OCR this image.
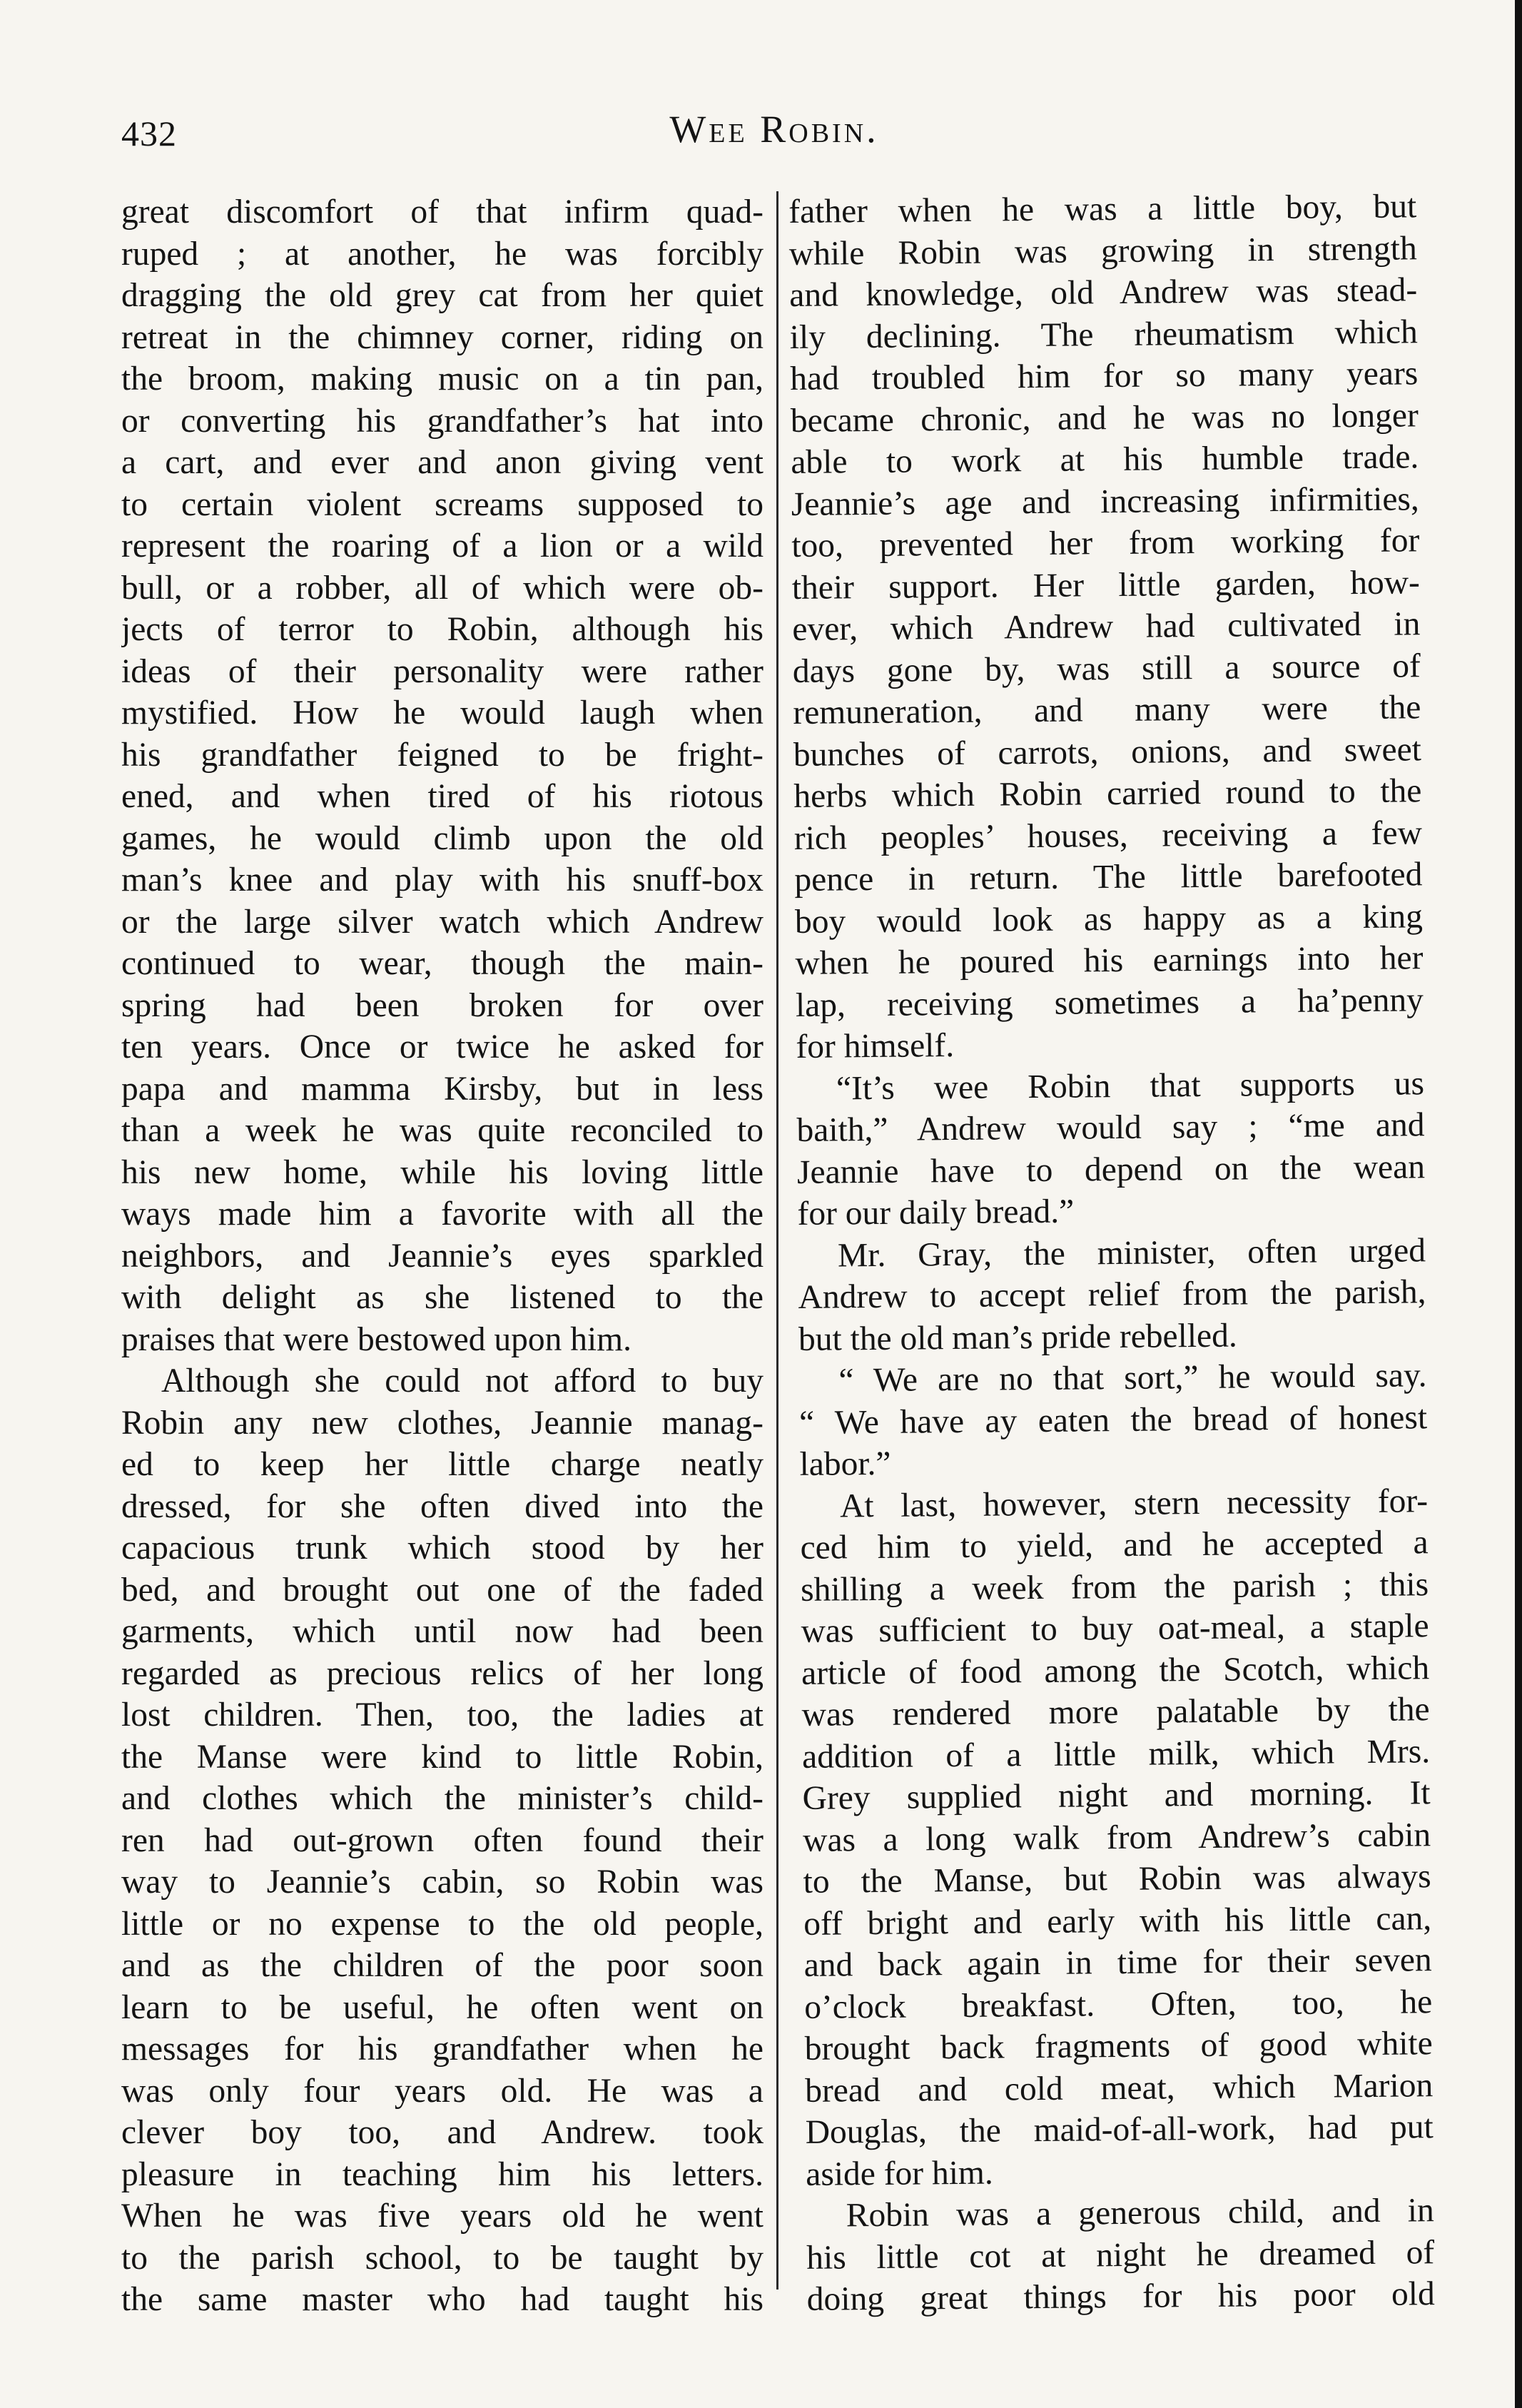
432	Wee Robin.
great discomfort of that infirm quad-
ruped ; at another, he was forcibly
dragging the old grey cat from her quiet
retreat in the chimney corner, riding on
the broom, making music on a tin pan,
or converting his grandfather’s hat into
a cart, and ever and anon giving vent
to certain violent screams supposed to
represent the roaring of a lion or a wild
bull, or a robber, all of which were ob-
jects of terror to Robin, although his
ideas of their personality were rather
mystified. How he would laugh when
his grandfather feigned to be fright-
ened, and when tired of his riotous
games, he would climb upon the old
man’s knee and play with his snuff-box
or the large silver watch which Andrew
continued to wear, though the main-
spring had been broken for over
ten years. Once or twice he asked for
papa and mamma Kirsby, but in less
than a week he was quite reconciled to
his new home, while his loving little
ways made him a favorite with all the
neighbors, and Jeannie’s eyes sparkled
with delight as she listened to the
praises that were bestowed upon him.
Although she could not afford to buy
Robin any new clothes, Jeannie manag-
ed to keep her little charge neatly
dressed, for she often dived into the
capacious trunk which stood by her
bed, and brought out one of the faded
garments, which until now had been
regarded as precious relics of her long
lost children. Then, too, the ladies at
the Manse were kind to little Robin,
and clothes which the minister’s child-
ren had out-grown often found their
way to Jeannie’s cabin, so Robin was
little or no expense to the old people,
and as the children of the poor soon
learn to be useful, he often went on
messages for his grandfather when he
was only four years old. He was a
clever boy too, and Andrew. took
pleasure in teaching him his letters.
When he was five years old he went
to the parish school, to be taught by
the same master who had taught his
father when he was a little boy, but
while Robin was growing in strength
and knowledge, old Andrew was stead-
ily declining. The rheumatism which
had troubled him for so many years
became chronic, and he was no longer
able to work at his humble trade.
Jeannie’s age and increasing infirmities,
too, prevented her from working for
their support. Her little garden, how-
ever, which Andrew had cultivated in
days gone by, was still a source of
remuneration, and many were the
bunches of carrots, onions, and sweet
herbs which Robin carried round to the
rich peoples’ houses, receiving a few
pence in return. The little barefooted
boy would look as happy as a king
when he poured his earnings into her
lap, receiving sometimes a ha’penny
for himself.
“It’s wee Robin that supports us
baith,” Andrew would say ; “me and
Jeannie have to depend on the wean
for our daily bread.”
Mr. Gray, the minister, often urged
Andrew to accept relief from the parish,
but the old man’s pride rebelled.
“ We are no that sort,” he would say.
“ We have ay eaten the bread of honest
labor.”
At last, however, stern necessity for-
ced him to yield, and he accepted a
shilling a week from the parish ; this
was sufficient to buy oat-meal, a staple
article of food among the Scotch, which
was rendered more palatable by the
addition of a little milk, which Mrs.
Grey supplied night and morning. It
was a long walk from Andrew’s cabin
to the Manse, but Robin was always
off bright and early with his little can,
and back again in time for their seven
o’clock breakfast. Often, too, he
brought back fragments of good white
bread and cold meat, which Marion
Douglas, the maid-of-all-work, had put
aside for him.
Robin was a generous child, and in
his little cot at night he dreamed of
doing great things for his poor old
